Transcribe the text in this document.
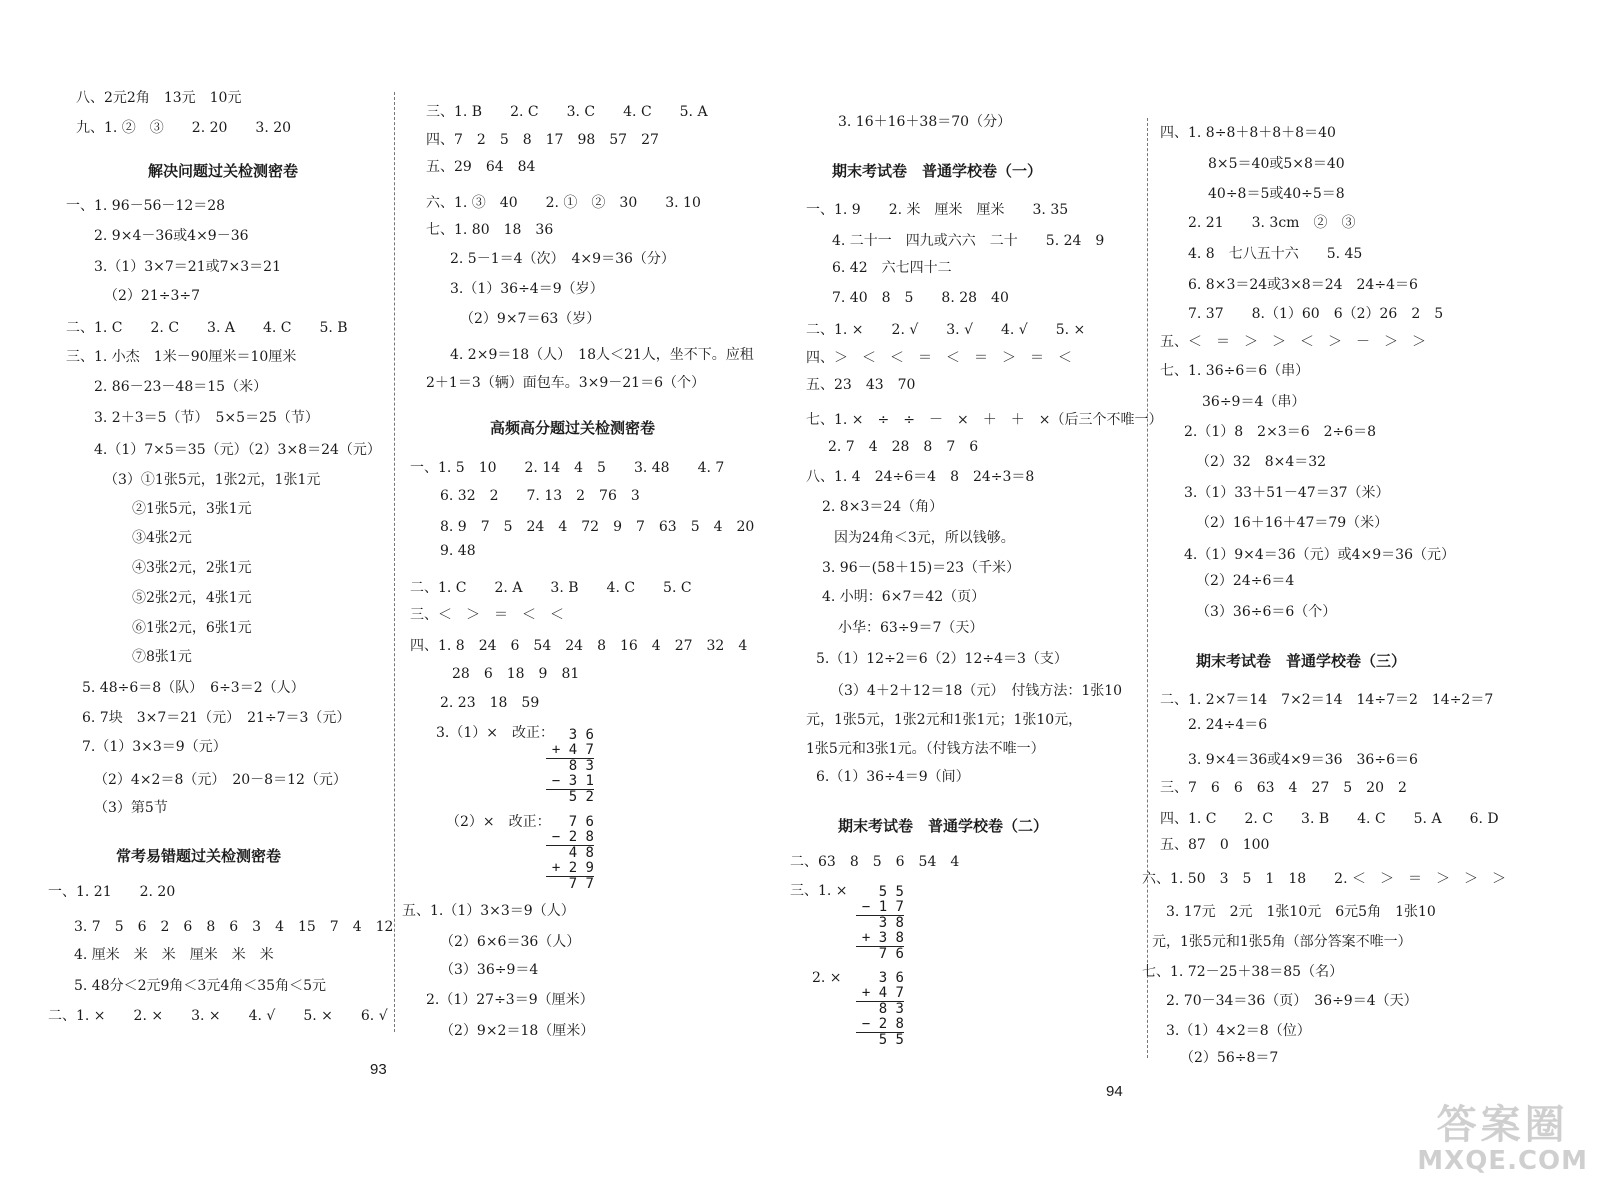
八、2元2角　13元　10元
九、1. ②　③　　2. 20　　3. 20
解决问题过关检测密卷
一、1. 96－56－12＝28
2. 9×4－36或4×9－36
3.（1）3×7＝21或7×3＝21
（2）21÷3÷7
二、1. C　　2. C　　3. A　　4. C　　5. B
三、1. 小杰　1米－90厘米＝10厘米
2. 86－23－48＝15（米）
3. 2＋3＝5（节）　5×5＝25（节）
4.（1）7×5＝35（元）（2）3×8＝24（元）
（3）①1张5元，1张2元，1张1元
②1张5元，3张1元
③4张2元
④3张2元，2张1元
⑤2张2元，4张1元
⑥1张2元，6张1元
⑦8张1元
5. 48÷6＝8（队）　6÷3＝2（人）
6. 7块　3×7＝21（元）　21÷7＝3（元）
7.（1）3×3＝9（元）
（2）4×2＝8（元）　20－8＝12（元）
（3）第5节
常考易错题过关检测密卷
一、1. 21　　2. 20
3. 7　5　6　2　6　8　6　3　4　15　7　4　12
4. 厘米　米　米　厘米　米　米
5. 48分＜2元9角＜3元4角＜35角＜5元
二、1. ×　　2. ×　　3. ×　　4. √　　5. ×　　6. √
三、1. B　　2. C　　3. C　　4. C　　5. A
四、7　2　5　8　17　98　57　27
五、29　64　84
六、1. ③　40　　2. ①　②　30　　3. 10
七、1. 80　18　36
2. 5－1＝4（次）　4×9＝36（分）
3.（1）36÷4＝9（岁）
（2）9×7＝63（岁）
4. 2×9＝18（人）　18人＜21人，坐不下。应租
2＋1＝3（辆）面包车。3×9－21＝6（个）
高频高分题过关检测密卷
一、1. 5　10　　2. 14　4　5　　3. 48　　4. 7
6. 32　2　　7. 13　2　76　3
8. 9　7　5　24　4　72　9　7　63　5　4　20
9. 48
二、1. C　　2. A　　3. B　　4. C　　5. C
三、＜　＞　＝　＜　＜
四、1. 8　24　6　54　24　8　16　4　27　32　4
28　6　18　9　81
2. 23　18　59
3.（1）×　改正：	3 6
+ 4 7
8 3
− 3 1
5 2
（2）×　改正：	7 6
− 2 8
4 8
+ 2 9
7 7
五、1.（1）3×3＝9（人）
（2）6×6＝36（人）
（3）36÷9＝4
2.（1）27÷3＝9（厘米）
（2）9×2＝18（厘米）
93
3. 16＋16＋38＝70（分）
期末考试卷　普通学校卷（一）
一、1. 9　　2. 米　厘米　厘米　　3. 35
4. 二十一　四九或六六　二十　　5. 24　9
6. 42　六七四十二
7. 40　8　5　　8. 28　40
二、1. ×　　2. √　　3. √　　4. √　　5. ×
四、＞　＜　＜　＝　＜　＝　＞　＝　＜
五、23　43　70
七、1. ×　÷　÷　－　×　＋　＋　×（后三个不唯一）
2. 7　4　28　8　7　6
八、1. 4　24÷6＝4　8　24÷3＝8
2. 8×3＝24（角）
因为24角＜3元，所以钱够。
3. 96－(58＋15)＝23（千米）
4. 小明：6×7＝42（页）
小华：63÷9＝7（天）
5.（1）12÷2＝6（2）12÷4＝3（支）
（3）4＋2＋12＝18（元）　付钱方法：1张10
元，1张5元，1张2元和1张1元；1张10元，
1张5元和3张1元。（付钱方法不唯一）
6.（1）36÷4＝9（间）
期末考试卷　普通学校卷（二）
二、63　8　5　6　54　4
三、1. ×	5 5
− 1 7
3 8
+ 3 8
7 6
2. ×	3 6
+ 4 7
8 3
− 2 8
5 5
94
四、1. 8÷8＋8＋8＋8＝40
8×5＝40或5×8＝40
40÷8＝5或40÷5＝8
2. 21　　3. 3cm　②　③
4. 8　七八五十六　　5. 45
6. 8×3＝24或3×8＝24　24÷4＝6
7. 37　　8.（1）60　6（2）26　2　5
五、＜　＝　＞　＞　＜　＞　－　＞　＞
七、1. 36÷6＝6（串）
36÷9＝4（串）
2.（1）8　2×3＝6　2÷6＝8
（2）32　8×4＝32
3.（1）33＋51－47＝37（米）
（2）16＋16＋47＝79（米）
4.（1）9×4＝36（元）或4×9＝36（元）
（2）24÷6＝4
（3）36÷6＝6（个）
期末考试卷　普通学校卷（三）
二、1. 2×7＝14　7×2＝14　14÷7＝2　14÷2＝7
2. 24÷4＝6
3. 9×4＝36或4×9＝36　36÷6＝6
三、7　6　6　63　4　27　5　20　2
四、1. C　　2. C　　3. B　　4. C　　5. A　　6. D
五、87　0　100
六、1. 50　3　5　1　18　　2. ＜　＞　＝　＞　＞　＞
3. 17元　2元　1张10元　6元5角　1张10
元，1张5元和1张5角（部分答案不唯一）
七、1. 72－25＋38＝85（名）
2. 70－34＝36（页）　36÷9＝4（天）
3.（1）4×2＝8（位）
（2）56÷8＝7
答案圈
MXQE.COM
